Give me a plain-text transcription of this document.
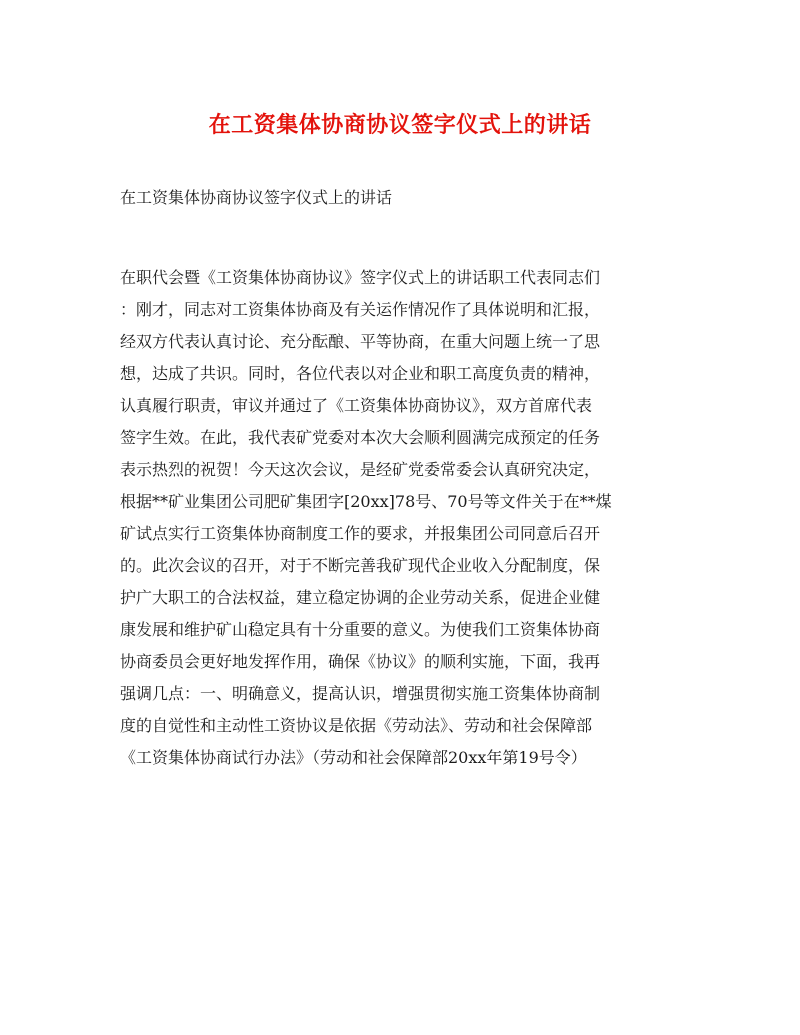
在工资集体协商协议签字仪式上的讲话
在工资集体协商协议签字仪式上的讲话
在职代会暨《工资集体协商协议》签字仪式上的讲话职工代表同志们
：刚才，同志对工资集体协商及有关运作情况作了具体说明和汇报，
经双方代表认真讨论、充分酝酿、平等协商，在重大问题上统一了思
想，达成了共识。同时，各位代表以对企业和职工高度负责的精神，
认真履行职责，审议并通过了《工资集体协商协议》，双方首席代表
签字生效。在此，我代表矿党委对本次大会顺利圆满完成预定的任务
表示热烈的祝贺！今天这次会议，是经矿党委常委会认真研究决定，
根据**矿业集团公司肥矿集团字[20xx]78号、70号等文件关于在**煤
矿试点实行工资集体协商制度工作的要求，并报集团公司同意后召开
的。此次会议的召开，对于不断完善我矿现代企业收入分配制度，保
护广大职工的合法权益，建立稳定协调的企业劳动关系，促进企业健
康发展和维护矿山稳定具有十分重要的意义。为使我们工资集体协商
协商委员会更好地发挥作用，确保《协议》的顺利实施，下面，我再
强调几点：一、明确意义，提高认识，增强贯彻实施工资集体协商制
度的自觉性和主动性工资协议是依据《劳动法》、劳动和社会保障部
《工资集体协商试行办法》（劳动和社会保障部20xx年第19号令）
